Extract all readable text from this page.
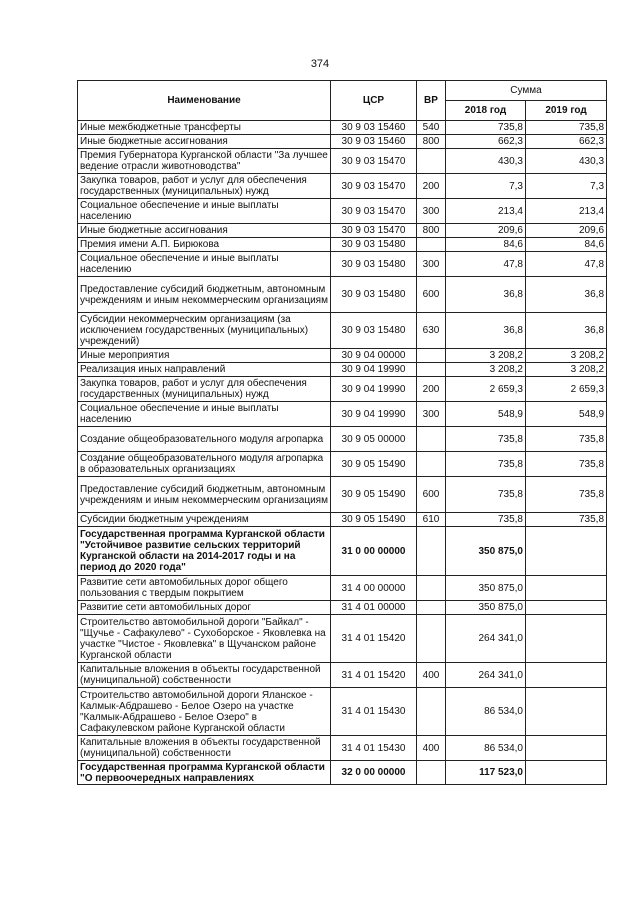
374
Наименование	ЦСР	ВР	Сумма	
			2018 год	2019 год
Иные межбюджетные трансферты	30 9 03 15460	540	735,8	735,8
Иные бюджетные ассигнования	30 9 03 15460	800	662,3	662,3
Премия Губернатора Курганской области "За лучшее ведение отрасли животноводства"	30 9 03 15470		430,3	430,3
Закупка товаров, работ и услуг для обеспечения государственных (муниципальных) нужд	30 9 03 15470	200	7,3	7,3
Социальное обеспечение и иные выплаты населению	30 9 03 15470	300	213,4	213,4
Иные бюджетные ассигнования	30 9 03 15470	800	209,6	209,6
Премия имени А.П. Бирюкова	30 9 03 15480		84,6	84,6
Социальное обеспечение и иные выплаты населению	30 9 03 15480	300	47,8	47,8
Предоставление субсидий бюджетным, автономным учреждениям и иным некоммерческим организациям	30 9 03 15480	600	36,8	36,8
Субсидии некоммерческим организациям (за исключением государственных (муниципальных) учреждений)	30 9 03 15480	630	36,8	36,8
Иные мероприятия	30 9 04 00000		3 208,2	3 208,2
Реализация иных направлений	30 9 04 19990		3 208,2	3 208,2
Закупка товаров, работ и услуг для обеспечения государственных (муниципальных) нужд	30 9 04 19990	200	2 659,3	2 659,3
Социальное обеспечение и иные выплаты населению	30 9 04 19990	300	548,9	548,9
Создание общеобразовательного модуля агропарка	30 9 05 00000		735,8	735,8
Создание общеобразовательного модуля агропарка в образовательных организациях	30 9 05 15490		735,8	735,8
Предоставление субсидий бюджетным, автономным учреждениям и иным некоммерческим организациям	30 9 05 15490	600	735,8	735,8
Субсидии бюджетным учреждениям	30 9 05 15490	610	735,8	735,8
Государственная программа Курганской области "Устойчивое развитие сельских территорий Курганской области на 2014-2017 годы и на период до 2020 года"	31 0 00 00000		350 875,0	
Развитие сети автомобильных дорог общего пользования с твердым покрытием	31 4 00 00000		350 875,0	
Развитие сети автомобильных дорог	31 4 01 00000		350 875,0	
Строительство автомобильной дороги "Байкал" - "Щучье - Сафакулево" - Сухоборское - Яковлевка на участке "Чистое - Яковлевка" в Щучанском районе Курганской области	31 4 01 15420		264 341,0	
Капитальные вложения в объекты государственной (муниципальной) собственности	31 4 01 15420	400	264 341,0	
Строительство автомобильной дороги Яланское - Калмык-Абдрашево - Белое Озеро на участке "Калмык-Абдрашево - Белое Озеро" в Сафакулевском районе Курганской области	31 4 01 15430		86 534,0	
Капитальные вложения в объекты государственной (муниципальной) собственности	31 4 01 15430	400	86 534,0	
Государственная программа Курганской области "О первоочередных направлениях	32 0 00 00000		117 523,0	
